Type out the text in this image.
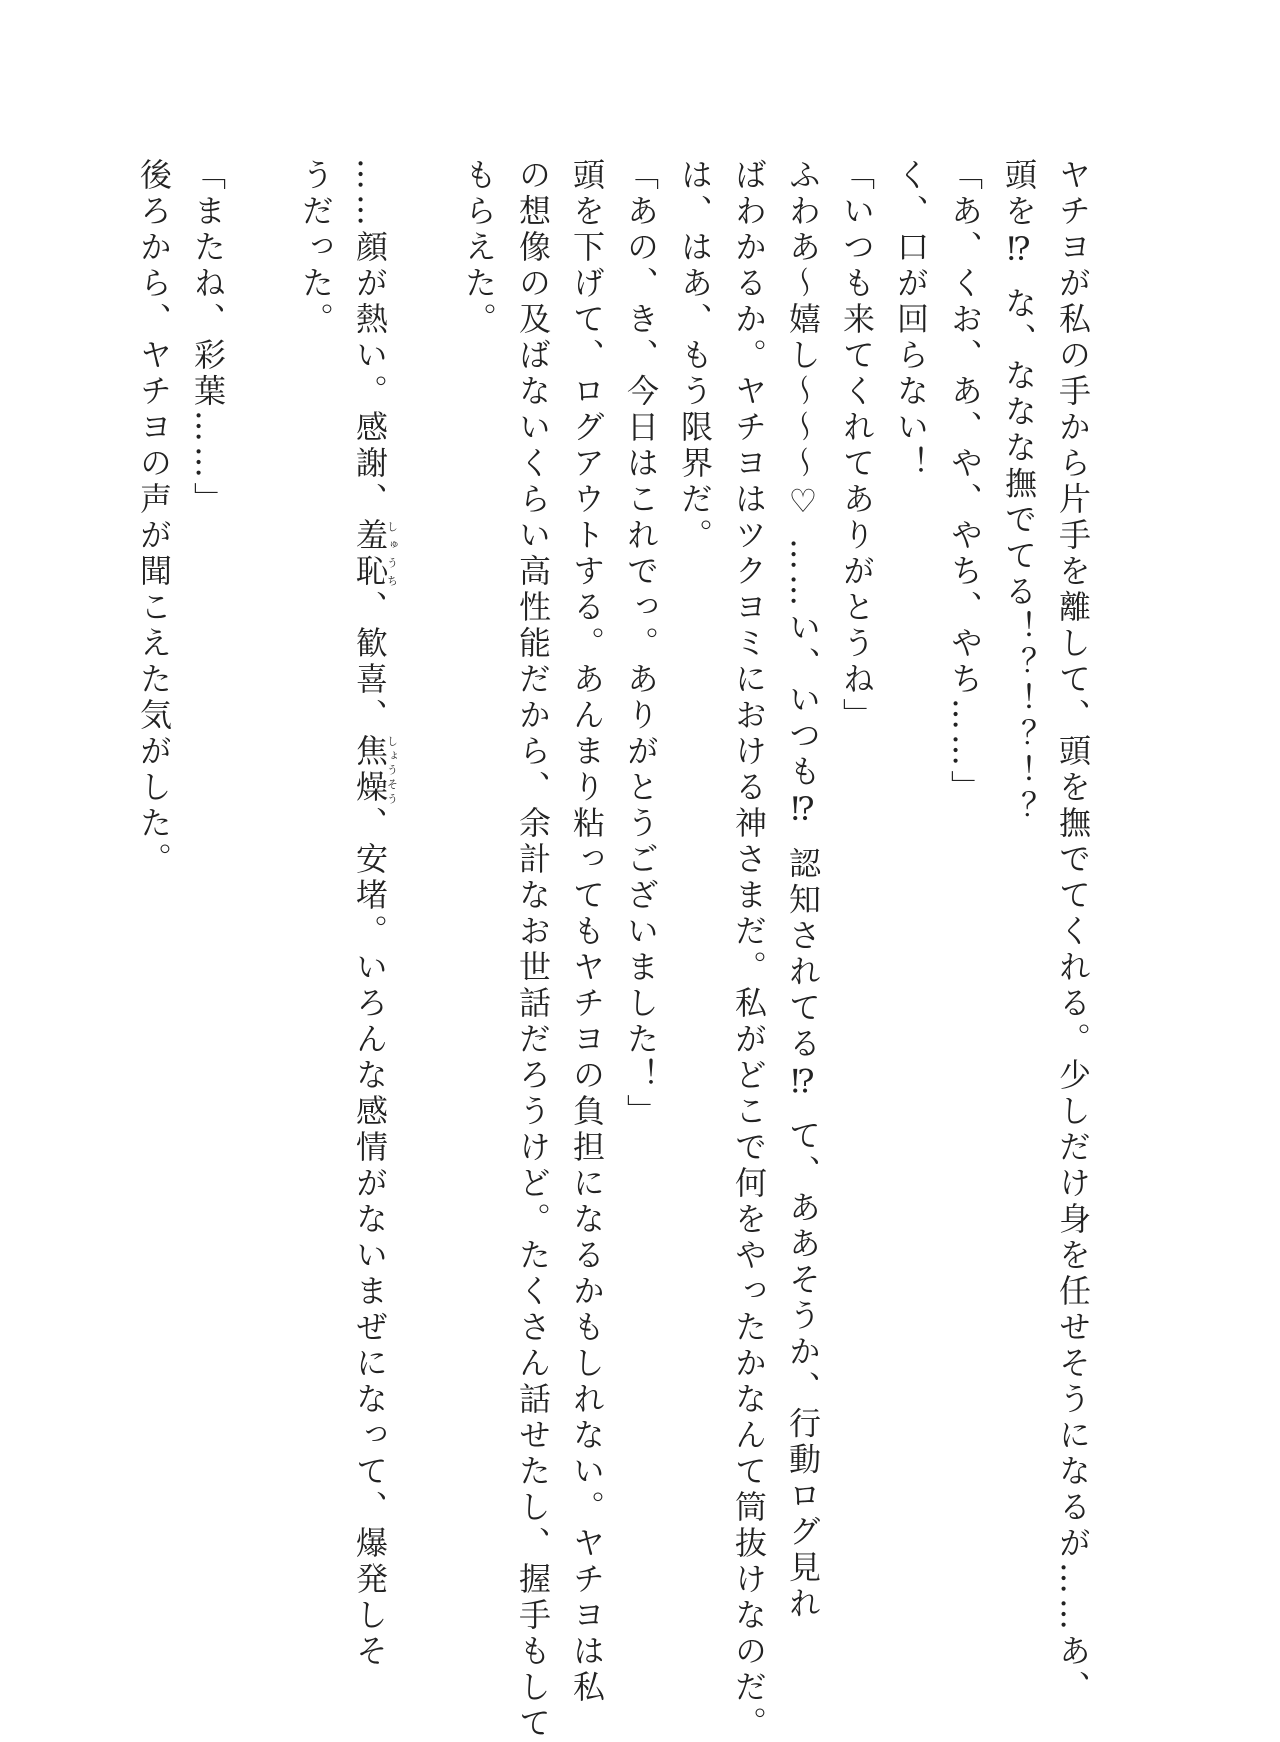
ヤチヨが私の手から片手を離して、頭を撫でてくれる。少しだけ身を任せそうになるが……あ、
頭を⁉ な、ななな撫でてる！？！？！？
「あ、くお、あ、や、やち、やち……」
く、口が回らない！
「いつも来てくれてありがとうね」
ふわあ〜嬉し〜〜〜♡ ……い、いつも⁉ 認知されてる⁉ て、ああそうか、行動ログ見れ
ばわかるか。ヤチヨはツクヨミにおける神さまだ。私がどこで何をやったかなんて筒抜けなのだ。
は、はあ、もう限界だ。
「あの、き、今日はこれでっ。ありがとうございました！」
頭を下げて、ログアウトする。あんまり粘ってもヤチヨの負担になるかもしれない。ヤチヨは私
の想像の及ばないくらい高性能だから、余計なお世話だろうけど。たくさん話せたし、握手もして
もらえた。
……顔が熱い。感謝、羞恥しゅうち、歓喜、焦燥しょうそう、安堵。いろんな感情がないまぜになって、爆発しそ
うだった。
「またね、彩葉……」
後ろから、ヤチヨの声が聞こえた気がした。
